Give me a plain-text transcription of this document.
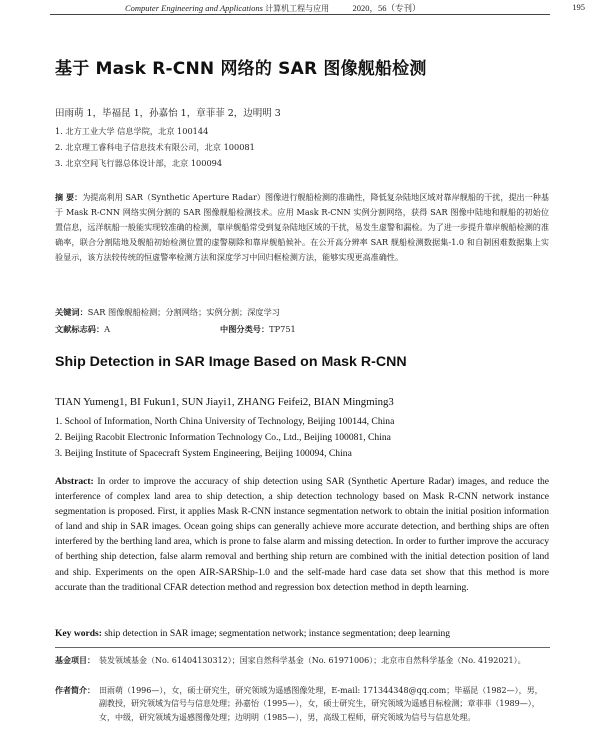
Computer Engineering and Applications 计算机工程与应用	2020，56（专刊）	195
基于 Mask R-CNN 网络的 SAR 图像舰船检测
田雨萌 1，毕福昆 1，孙嘉怡 1，章菲菲 2，边明明 3
1. 北方工业大学 信息学院，北京 100144
2. 北京理工睿科电子信息技术有限公司，北京 100081
3. 北京空间飞行器总体设计部，北京 100094
摘 要：为提高利用 SAR（Synthetic Aperture Radar）图像进行舰船检测的准确性，降低复杂陆地区域对靠岸舰船的干扰，提出一种基于 Mask R-CNN 网络实例分割的 SAR 图像舰船检测技术。应用 Mask R-CNN 实例分割网络，获得 SAR 图像中陆地和舰船的初始位置信息，远洋航船一般能实现较准确的检测，靠岸舰船常受到复杂陆地区域的干扰，易发生虚警和漏检。为了进一步提升靠岸舰船检测的准确率，联合分割陆地及舰船初始检测位置的虚警剔除和靠岸舰船候补。在公开高分辨率 SAR 舰船检测数据集-1.0 和自制困难数据集上实验显示，该方法较传统的恒虚警率检测方法和深度学习中回归框检测方法，能够实现更高准确性。
关键词：SAR 图像舰船检测；分割网络；实例分割；深度学习
文献标志码：A	中图分类号：TP751
Ship Detection in SAR Image Based on Mask R-CNN
TIAN Yumeng1, BI Fukun1, SUN Jiayi1, ZHANG Feifei2, BIAN Mingming3
1. School of Information, North China University of Technology, Beijing 100144, China
2. Beijing Racobit Electronic Information Technology Co., Ltd., Beijing 100081, China
3. Beijing Institute of Spacecraft System Engineering, Beijing 100094, China
Abstract: In order to improve the accuracy of ship detection using SAR (Synthetic Aperture Radar) images, and reduce the interference of complex land area to ship detection, a ship detection technology based on Mask R-CNN network instance segmentation is proposed. First, it applies Mask R-CNN instance segmentation network to obtain the initial position information of land and ship in SAR images. Ocean going ships can generally achieve more accurate detection, and berthing ships are often interfered by the berthing land area, which is prone to false alarm and missing detection. In order to further improve the accuracy of berthing ship detection, false alarm removal and berthing ship return are combined with the initial detection position of land and ship. Experiments on the open AIR-SARShip-1.0 and the self-made hard case data set show that this method is more accurate than the traditional CFAR detection method and regression box detection method in depth learning.
Key words: ship detection in SAR image; segmentation network; instance segmentation; deep learning
基金项目： 装发领域基金（No. 61404130312）；国家自然科学基金（No. 61971006）；北京市自然科学基金（No. 4192021）。
作者简介： 田雨萌（1996—），女，硕士研究生，研究领域为遥感图像处理，E-mail: 171344348@qq.com；毕福昆（1982—），男，副教授，研究领域为信号与信息处理；孙嘉怡（1995—），女，硕士研究生，研究领域为遥感目标检测；章菲菲（1989—），女，中级，研究领域为遥感图像处理；边明明（1985—），男，高级工程师，研究领域为信号与信息处理。
